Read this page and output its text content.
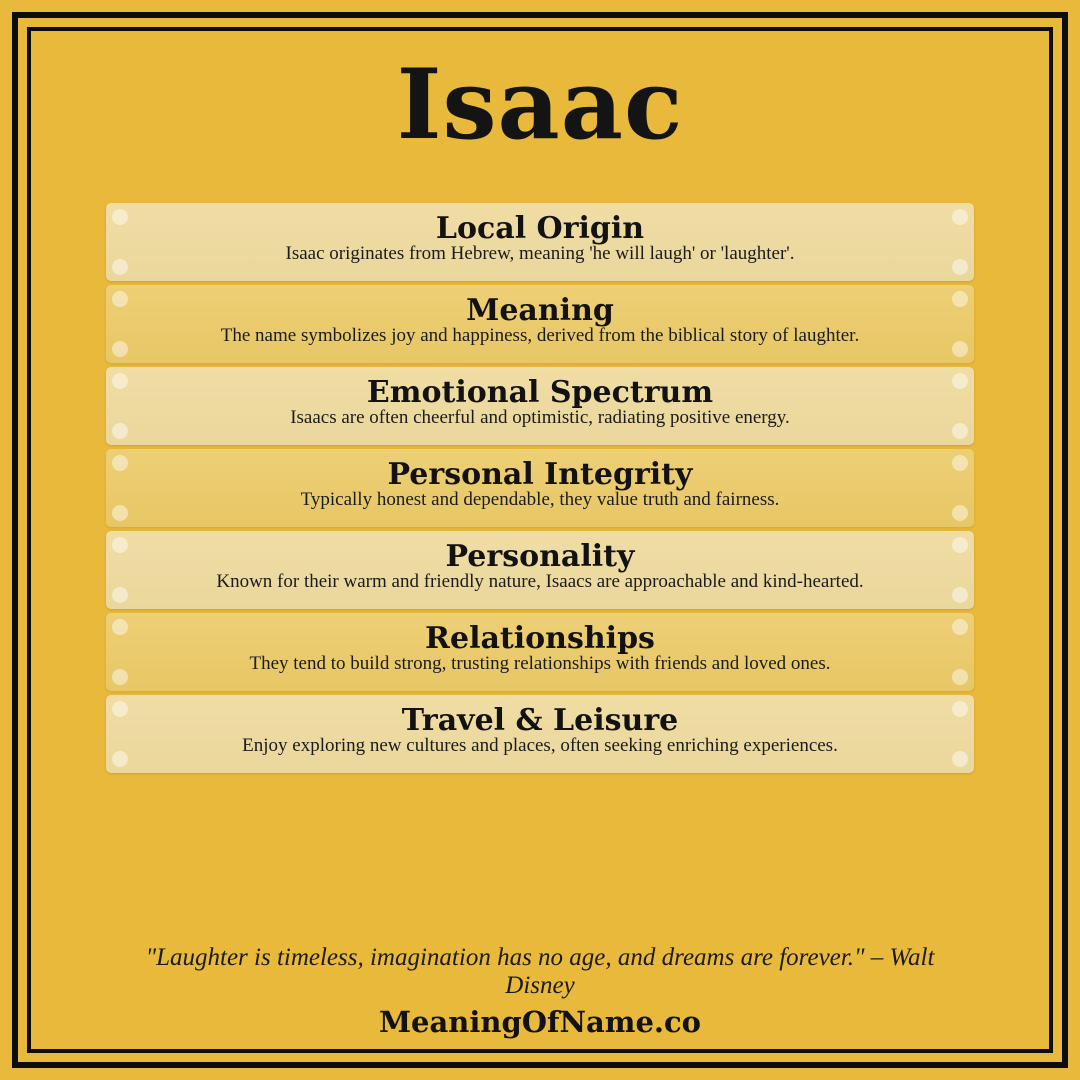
Isaac
Local Origin
Isaac originates from Hebrew, meaning 'he will laugh' or 'laughter'.
Meaning
The name symbolizes joy and happiness, derived from the biblical story of laughter.
Emotional Spectrum
Isaacs are often cheerful and optimistic, radiating positive energy.
Personal Integrity
Typically honest and dependable, they value truth and fairness.
Personality
Known for their warm and friendly nature, Isaacs are approachable and kind-hearted.
Relationships
They tend to build strong, trusting relationships with friends and loved ones.
Travel & Leisure
Enjoy exploring new cultures and places, often seeking enriching experiences.
"Laughter is timeless, imagination has no age, and dreams are forever." – Walt Disney
MeaningOfName.co
